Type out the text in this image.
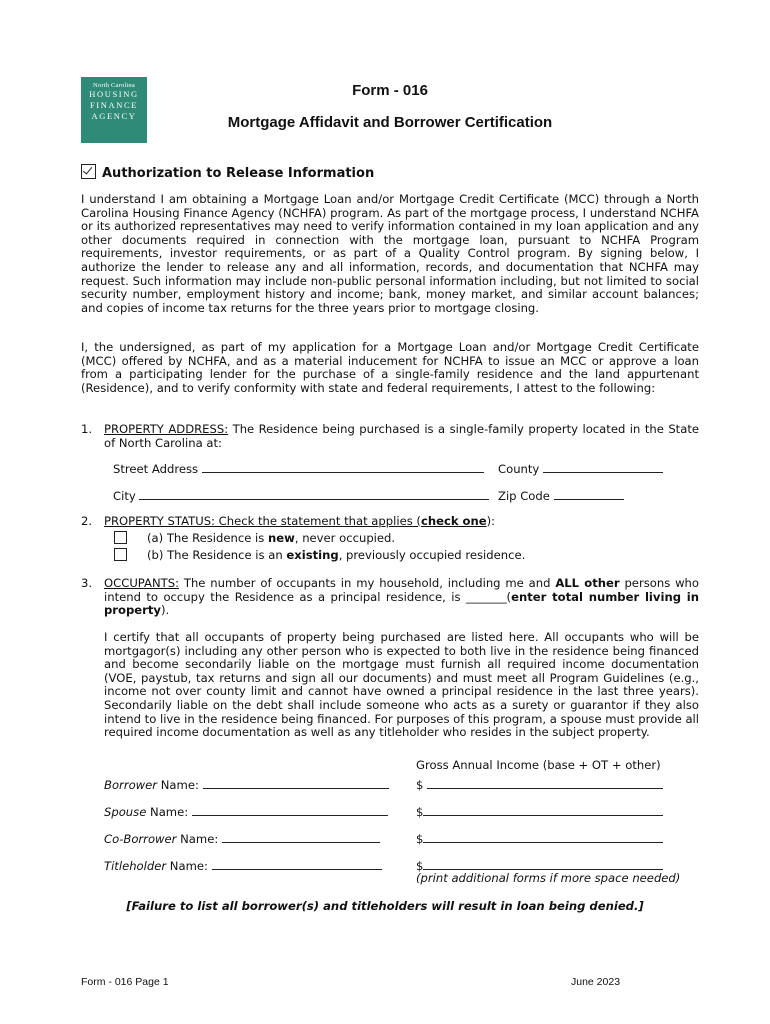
North Carolina
HOUSING
FINANCE
AGENCY
Form - 016
Mortgage Affidavit and Borrower Certification
Authorization to Release Information
I understand I am obtaining a Mortgage Loan and/or Mortgage Credit Certificate (MCC) through a North Carolina Housing Finance Agency (NCHFA) program. As part of the mortgage process, I understand NCHFA or its authorized representatives may need to verify information contained in my loan application and any other documents required in connection with the mortgage loan, pursuant to NCHFA Program requirements, investor requirements, or as part of a Quality Control program. By signing below, I authorize the lender to release any and all information, records, and documentation that NCHFA may request. Such information may include non-public personal information including, but not limited to social security number, employment history and income; bank, money market, and similar account balances; and copies of income tax returns for the three years prior to mortgage closing.
I, the undersigned, as part of my application for a Mortgage Loan and/or Mortgage Credit Certificate (MCC) offered by NCHFA, and as a material inducement for NCHFA to issue an MCC or approve a loan from a participating lender for the purchase of a single-family residence and the land appurtenant (Residence), and to verify conformity with state and federal requirements, I attest to the following:
1. PROPERTY ADDRESS: The Residence being purchased is a single-family property located in the State of North Carolina at:
Street Address	County
City	Zip Code
2. PROPERTY STATUS: Check the statement that applies (check one):
(a) The Residence is new, never occupied.
(b) The Residence is an existing, previously occupied residence.
3. OCCUPANTS: The number of occupants in my household, including me and ALL other persons who intend to occupy the Residence as a principal residence, is _______(enter total number living in property).
I certify that all occupants of property being purchased are listed here. All occupants who will be mortgagor(s) including any other person who is expected to both live in the residence being financed and become secondarily liable on the mortgage must furnish all required income documentation (VOE, paystub, tax returns and sign all our documents) and must meet all Program Guidelines (e.g., income not over county limit and cannot have owned a principal residence in the last three years). Secondarily liable on the debt shall include someone who acts as a surety or guarantor if they also intend to live in the residence being financed. For purposes of this program, a spouse must provide all required income documentation as well as any titleholder who resides in the subject property.
Gross Annual Income (base + OT + other)
Borrower Name:	$
Spouse Name:	$
Co-Borrower Name:	$
Titleholder Name:	$
(print additional forms if more space needed)
[Failure to list all borrower(s) and titleholders will result in loan being denied.]
Form - 016 Page 1	June 2023
